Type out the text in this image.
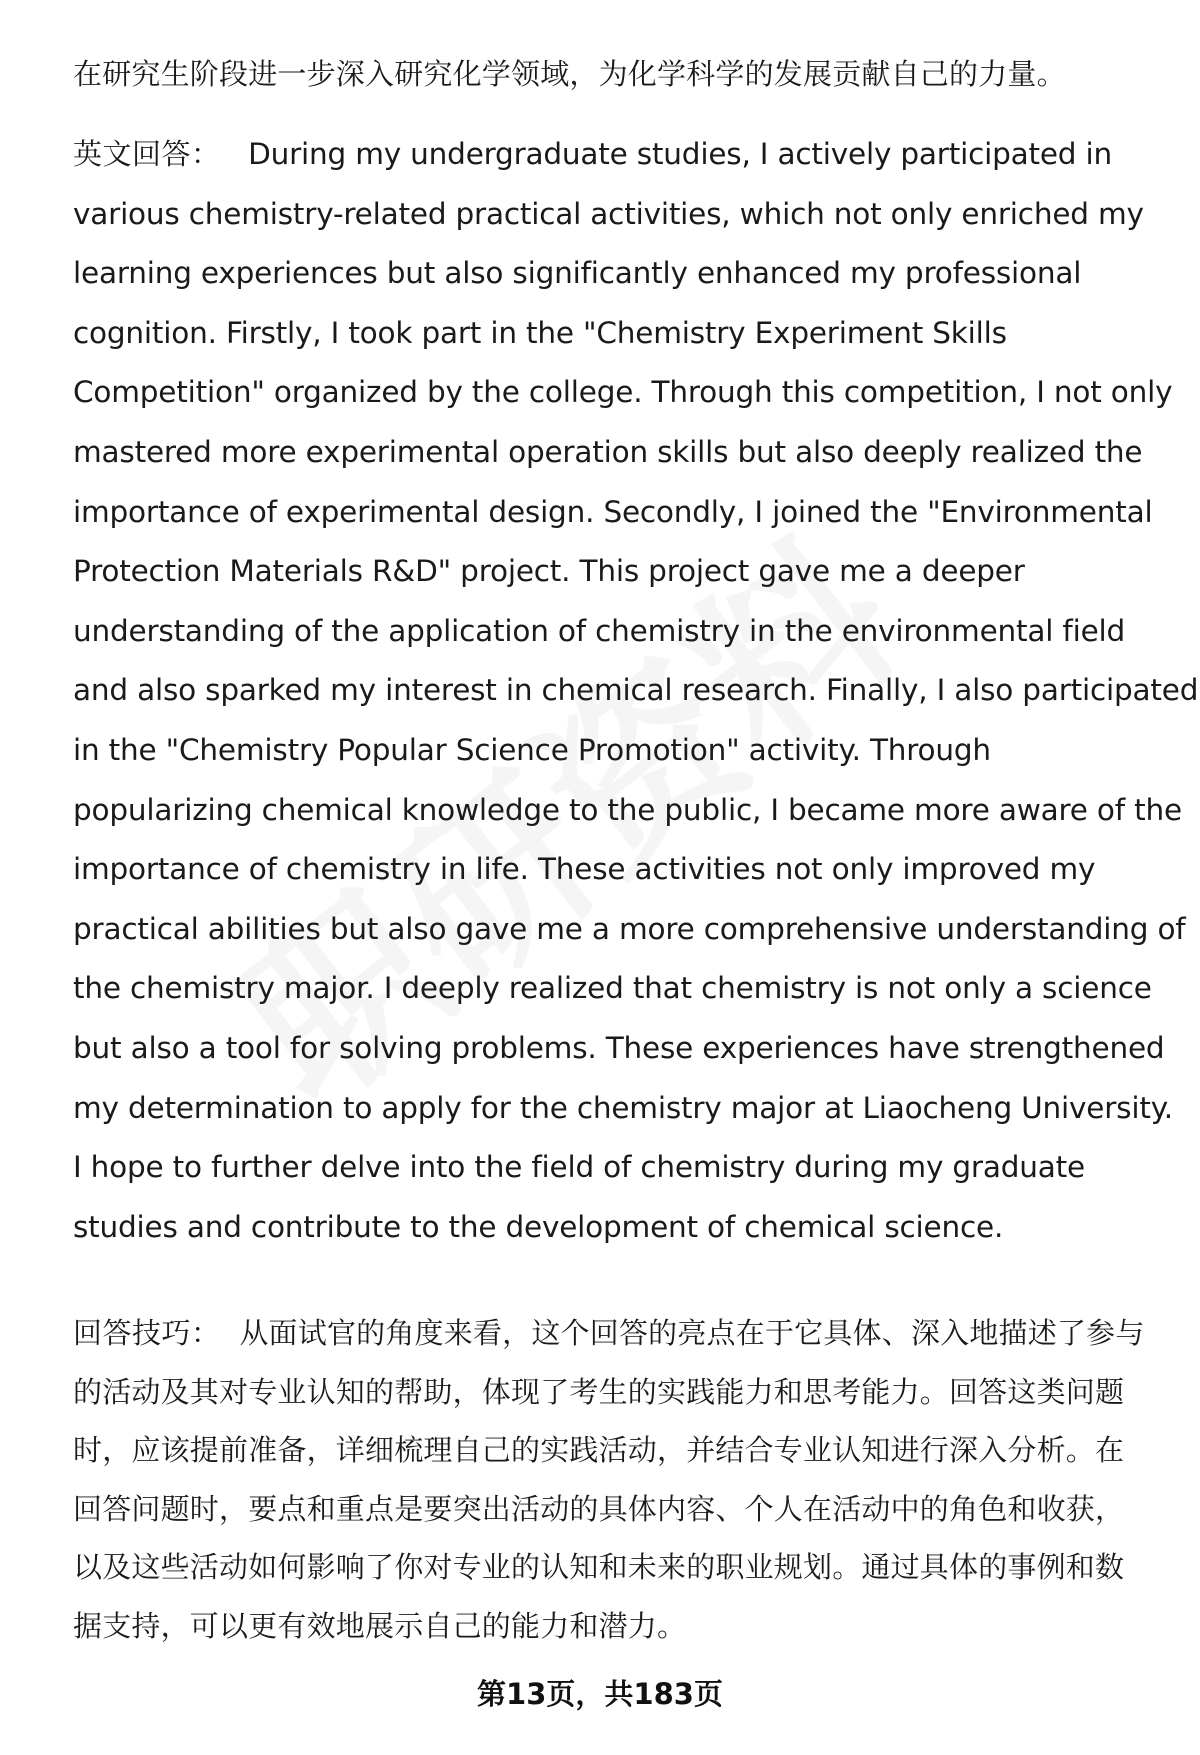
在研究生阶段进一步深入研究化学领域，为化学科学的发展贡献自己的力量。

英文回答： During my undergraduate studies, I actively participated in
various chemistry-related practical activities, which not only enriched my
learning experiences but also significantly enhanced my professional
cognition. Firstly, I took part in the "Chemistry Experiment Skills
Competition" organized by the college. Through this competition, I not only
mastered more experimental operation skills but also deeply realized the
importance of experimental design. Secondly, I joined the "Environmental
Protection Materials R&D" project. This project gave me a deeper
understanding of the application of chemistry in the environmental field
and also sparked my interest in chemical research. Finally, I also participated
in the "Chemistry Popular Science Promotion" activity. Through
popularizing chemical knowledge to the public, I became more aware of the
importance of chemistry in life. These activities not only improved my
practical abilities but also gave me a more comprehensive understanding of
the chemistry major. I deeply realized that chemistry is not only a science
but also a tool for solving problems. These experiences have strengthened
my determination to apply for the chemistry major at Liaocheng University.
I hope to further delve into the field of chemistry during my graduate
studies and contribute to the development of chemical science.

回答技巧： 从面试官的角度来看，这个回答的亮点在于它具体、深入地描述了参与
的活动及其对专业认知的帮助，体现了考生的实践能力和思考能力。回答这类问题
时，应该提前准备，详细梳理自己的实践活动，并结合专业认知进行深入分析。在
回答问题时，要点和重点是要突出活动的具体内容、个人在活动中的角色和收获，
以及这些活动如何影响了你对专业的认知和未来的职业规划。通过具体的事例和数
据支持，可以更有效地展示自己的能力和潜力。

第13页，共183页
